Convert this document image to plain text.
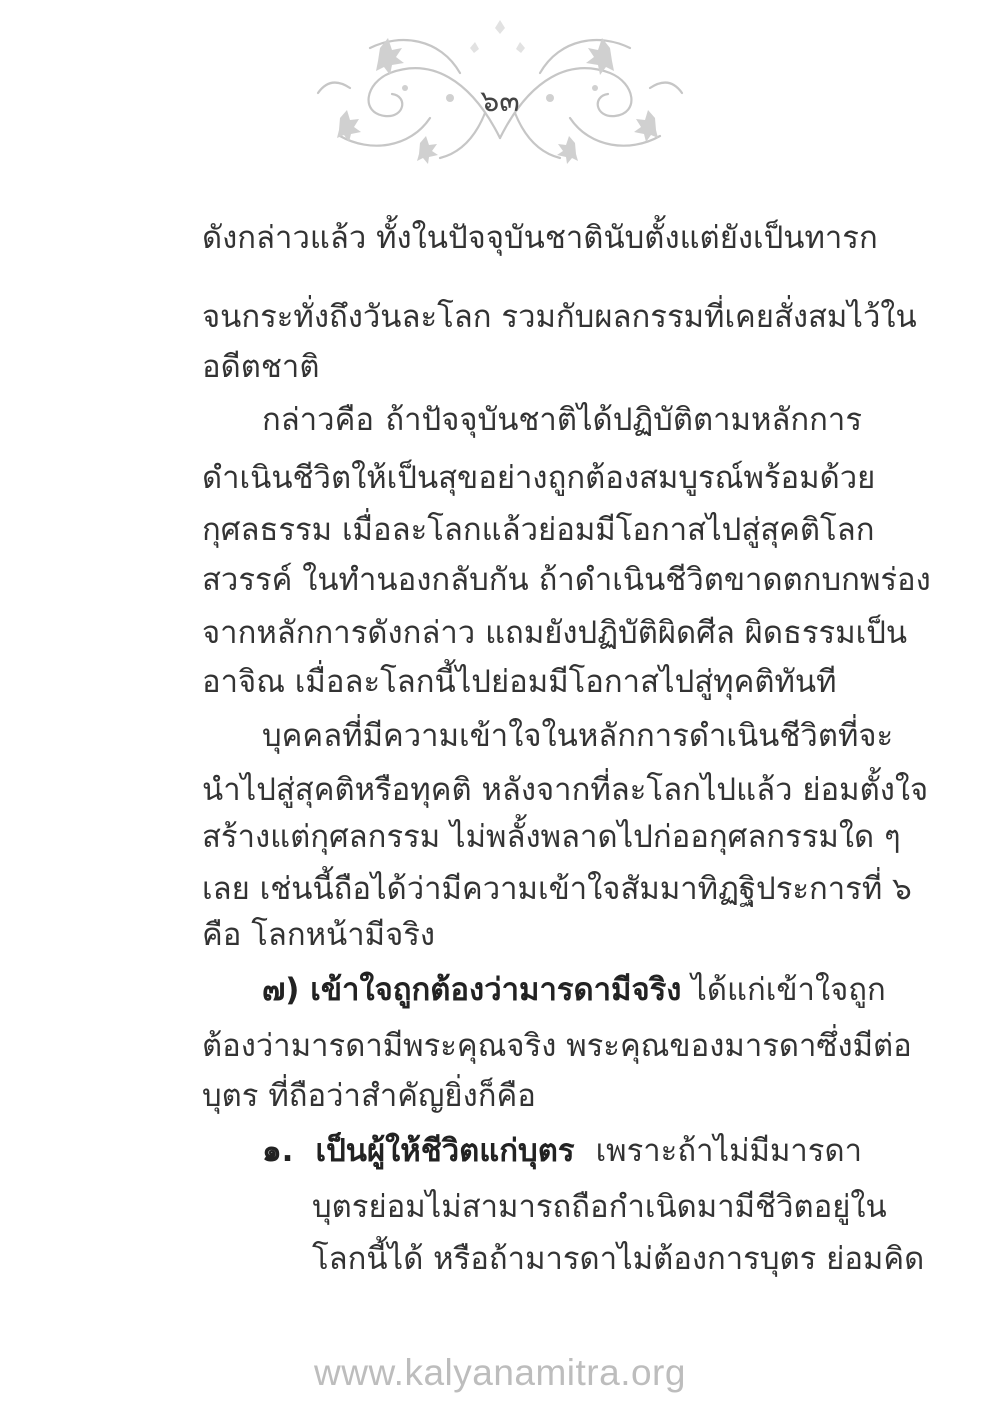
๖๓
ดังกล่าวแล้ว ทั้งในปัจจุบันชาตินับตั้งแต่ยังเป็นทารก
จนกระทั่งถึงวันละโลก รวมกับผลกรรมที่เคยสั่งสมไว้ใน
อดีตชาติ
กล่าวคือ ถ้าปัจจุบันชาติได้ปฏิบัติตามหลักการ
ดำเนินชีวิตให้เป็นสุขอย่างถูกต้องสมบูรณ์พร้อมด้วย
กุศลธรรม เมื่อละโลกแล้วย่อมมีโอกาสไปสู่สุคติโลก
สวรรค์ ในทำนองกลับกัน ถ้าดำเนินชีวิตขาดตกบกพร่อง
จากหลักการดังกล่าว แถมยังปฏิบัติผิดศีล ผิดธรรมเป็น
อาจิณ เมื่อละโลกนี้ไปย่อมมีโอกาสไปสู่ทุคติทันที
บุคคลที่มีความเข้าใจในหลักการดำเนินชีวิตที่จะ
นำไปสู่สุคติหรือทุคติ หลังจากที่ละโลกไปแล้ว ย่อมตั้งใจ
สร้างแต่กุศลกรรม ไม่พลั้งพลาดไปก่ออกุศลกรรมใด ๆ
เลย เช่นนี้ถือได้ว่ามีความเข้าใจสัมมาทิฏฐิประการที่ ๖
คือ โลกหน้ามีจริง
๗) เข้าใจถูกต้องว่ามารดามีจริง ได้แก่เข้าใจถูก
ต้องว่ามารดามีพระคุณจริง พระคุณของมารดาซึ่งมีต่อ
บุตร ที่ถือว่าสำคัญยิ่งก็คือ
๑. เป็นผู้ให้ชีวิตแก่บุตร เพราะถ้าไม่มีมารดา
บุตรย่อมไม่สามารถถือกำเนิดมามีชีวิตอยู่ใน
โลกนี้ได้ หรือถ้ามารดาไม่ต้องการบุตร ย่อมคิด
www.kalyanamitra.org
